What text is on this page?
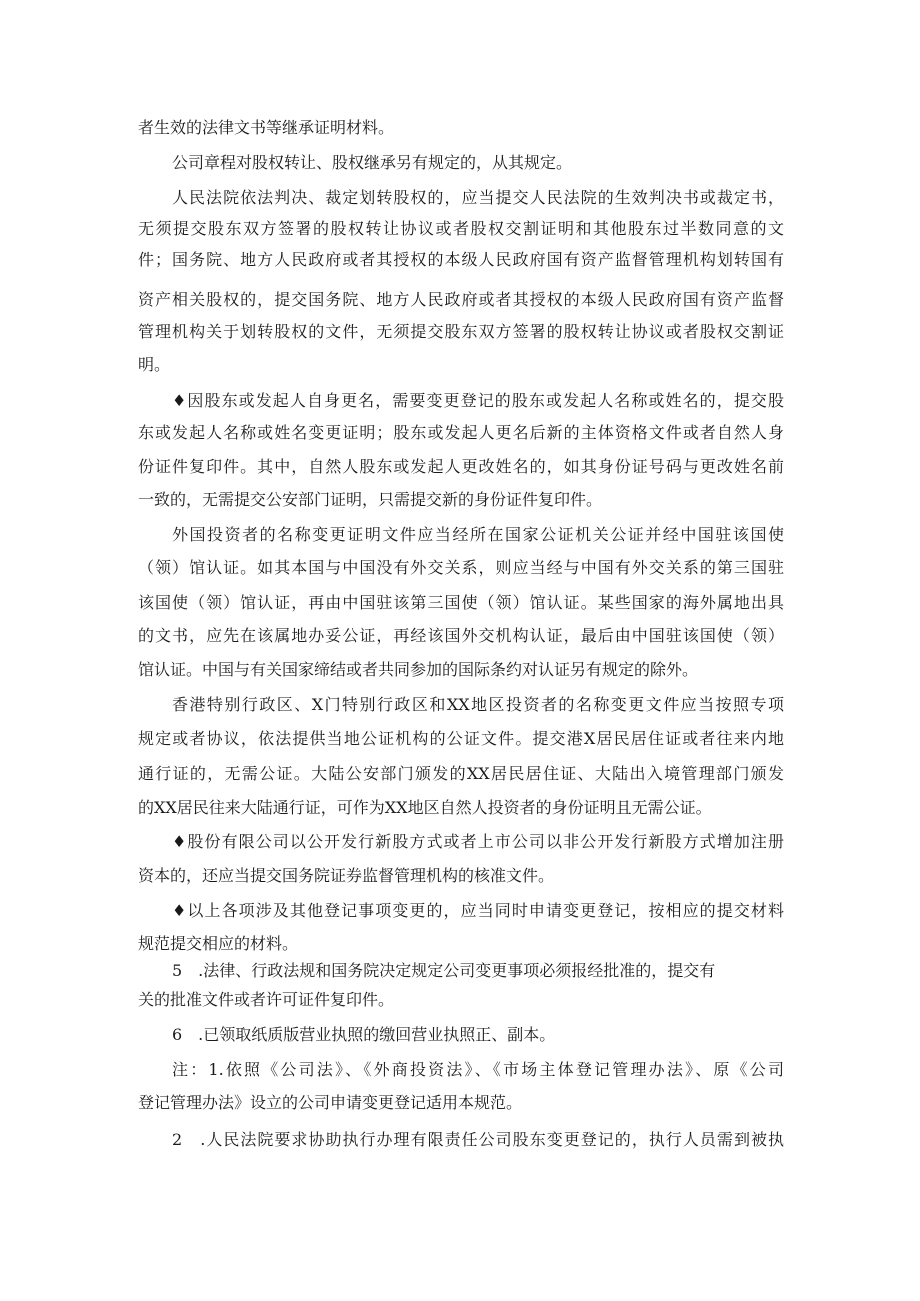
者生效的法律文书等继承证明材料。
公司章程对股权转让、股权继承另有规定的，从其规定。
人民法院依法判决、裁定划转股权的，应当提交人民法院的生效判决书或裁定书，
无须提交股东双方签署的股权转让协议或者股权交割证明和其他股东过半数同意的文
件；国务院、地方人民政府或者其授权的本级人民政府国有资产监督管理机构划转国有
资产相关股权的，提交国务院、地方人民政府或者其授权的本级人民政府国有资产监督
管理机构关于划转股权的文件，无须提交股东双方签署的股权转让协议或者股权交割证
明。
♦因股东或发起人自身更名，需要变更登记的股东或发起人名称或姓名的，提交股
东或发起人名称或姓名变更证明；股东或发起人更名后新的主体资格文件或者自然人身
份证件复印件。其中，自然人股东或发起人更改姓名的，如其身份证号码与更改姓名前
一致的，无需提交公安部门证明，只需提交新的身份证件复印件。
外国投资者的名称变更证明文件应当经所在国家公证机关公证并经中国驻该国使
（领）馆认证。如其本国与中国没有外交关系，则应当经与中国有外交关系的第三国驻
该国使（领）馆认证，再由中国驻该第三国使（领）馆认证。某些国家的海外属地出具
的文书，应先在该属地办妥公证，再经该国外交机构认证，最后由中国驻该国使（领）
馆认证。中国与有关国家缔结或者共同参加的国际条约对认证另有规定的除外。
香港特别行政区、X门特别行政区和XX地区投资者的名称变更文件应当按照专项
规定或者协议，依法提供当地公证机构的公证文件。提交港X居民居住证或者往来内地
通行证的，无需公证。大陆公安部门颁发的XX居民居住证、大陆出入境管理部门颁发
的XX居民往来大陆通行证，可作为XX地区自然人投资者的身份证明且无需公证。
♦股份有限公司以公开发行新股方式或者上市公司以非公开发行新股方式增加注册
资本的，还应当提交国务院证券监督管理机构的核准文件。
♦以上各项涉及其他登记事项变更的，应当同时申请变更登记，按相应的提交材料
规范提交相应的材料。
5　.法律、行政法规和国务院决定规定公司变更事项必须报经批准的，提交有
关的批准文件或者许可证件复印件。
6　.已领取纸质版营业执照的缴回营业执照正、副本。
注：1.依照《公司法》、《外商投资法》、《市场主体登记管理办法》、原《公司
登记管理办法》设立的公司申请变更登记适用本规范。
2　.人民法院要求协助执行办理有限责任公司股东变更登记的，执行人员需到被执
